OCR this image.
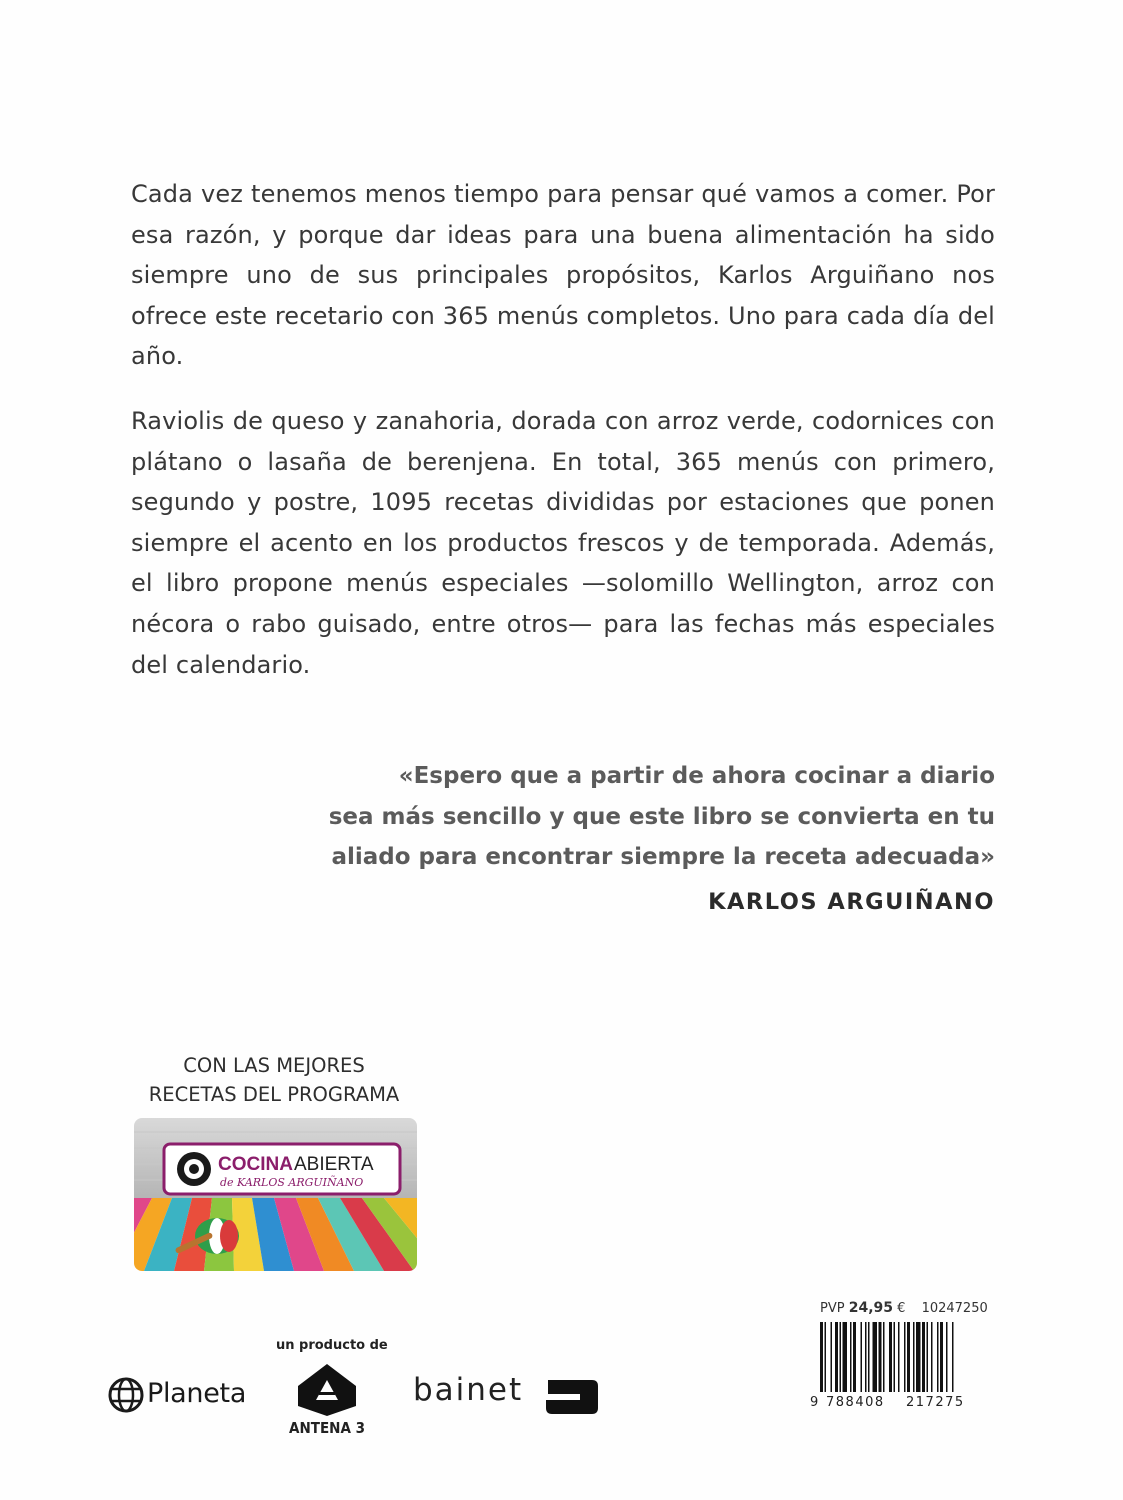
Cada vez tenemos menos tiempo para pensar qué vamos a comer. Por esa razón, y porque dar ideas para una buena alimentación ha sido siempre uno de sus principales propósitos, Karlos Arguiñano nos ofrece este recetario con 365 menús completos. Uno para cada día del año.

Raviolis de queso y zanahoria, dorada con arroz verde, codornices con plátano o lasaña de berenjena. En total, 365 menús con primero, segundo y postre, 1095 recetas divididas por estaciones que ponen siempre el acento en los productos frescos y de temporada. Además, el libro propone menús especiales —solomillo Wellington, arroz con nécora o rabo guisado, entre otros— para las fechas más especiales del calendario.

«Espero que a partir de ahora cocinar a diario
sea más sencillo y que este libro se convierta en tu
aliado para encontrar siempre la receta adecuada»
KARLOS ARGUIÑANO
CON LAS MEJORES
RECETAS DEL PROGRAMA
COCINA ABIERTA
de KARLOS ARGUIÑANO
PVP 24,95 € 10247250
9 788408 217275
Planeta
un producto de
ANTENA 3
bainet
